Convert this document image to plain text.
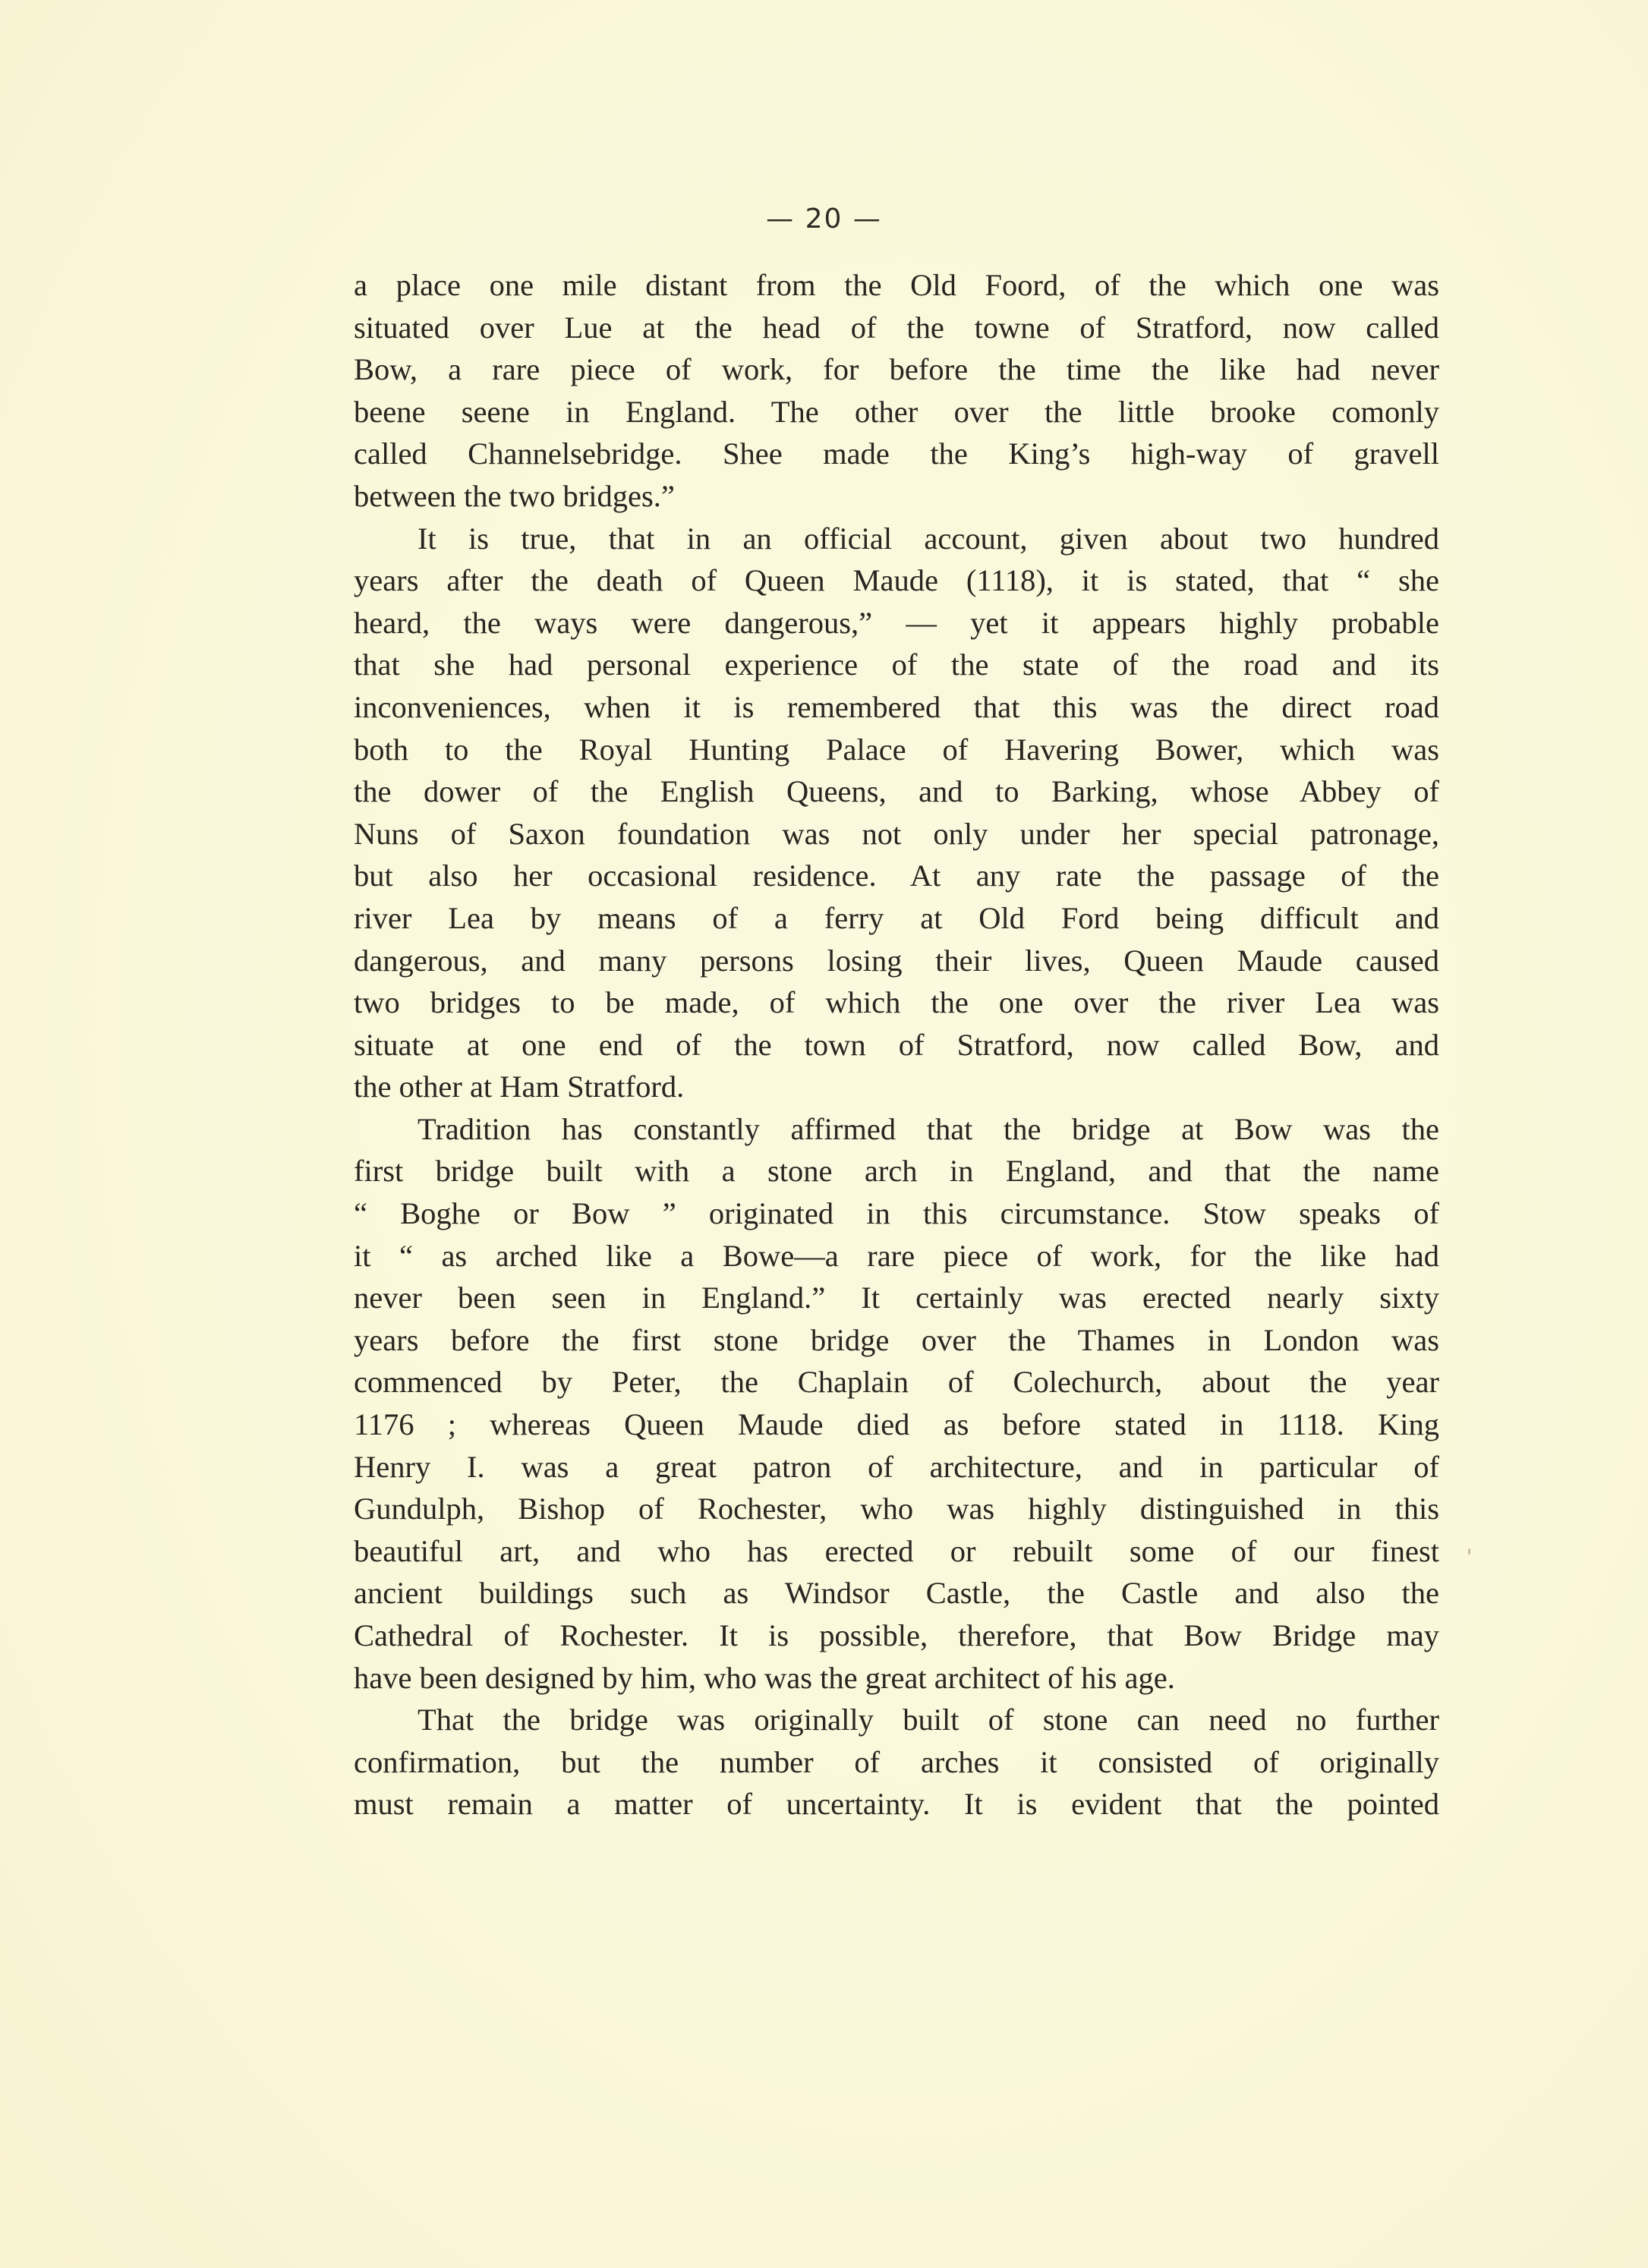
— 20 —
a place one mile distant from the Old Foord, of the which one was
situated over Lue at the head of the towne of Stratford, now called
Bow, a rare piece of work, for before the time the like had never
beene seene in England. The other over the little brooke comonly
called Channelsebridge. Shee made the King’s high-way of gravell
between the two bridges.”
It is true, that in an official account, given about two hundred
years after the death of Queen Maude (1118), it is stated, that “ she
heard, the ways were dangerous,” — yet it appears highly probable
that she had personal experience of the state of the road and its
inconveniences, when it is remembered that this was the direct road
both to the Royal Hunting Palace of Havering Bower, which was
the dower of the English Queens, and to Barking, whose Abbey of
Nuns of Saxon foundation was not only under her special patronage,
but also her occasional residence. At any rate the passage of the
river Lea by means of a ferry at Old Ford being difficult and
dangerous, and many persons losing their lives, Queen Maude caused
two bridges to be made, of which the one over the river Lea was
situate at one end of the town of Stratford, now called Bow, and
the other at Ham Stratford.
Tradition has constantly affirmed that the bridge at Bow was the
first bridge built with a stone arch in England, and that the name
“ Boghe or Bow ” originated in this circumstance. Stow speaks of
it “ as arched like a Bowe—a rare piece of work, for the like had
never been seen in England.” It certainly was erected nearly sixty
years before the first stone bridge over the Thames in London was
commenced by Peter, the Chaplain of Colechurch, about the year
1176 ; whereas Queen Maude died as before stated in 1118. King
Henry I. was a great patron of architecture, and in particular of
Gundulph, Bishop of Rochester, who was highly distinguished in this
beautiful art, and who has erected or rebuilt some of our finest
ancient buildings such as Windsor Castle, the Castle and also the
Cathedral of Rochester. It is possible, therefore, that Bow Bridge may
have been designed by him, who was the great architect of his age.
That the bridge was originally built of stone can need no further
confirmation, but the number of arches it consisted of originally
must remain a matter of uncertainty. It is evident that the pointed
